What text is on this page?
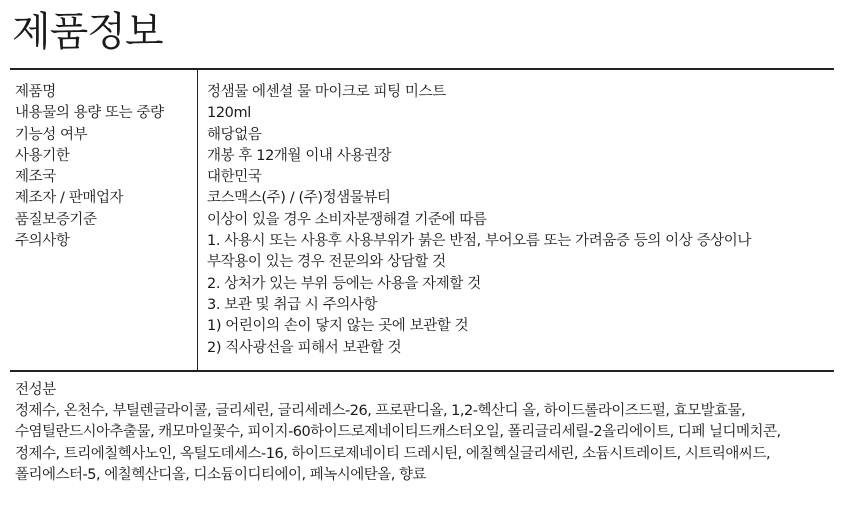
제품정보
제품명
내용물의 용량 또는 중량
기능성 여부
사용기한
제조국
제조자 / 판매업자
품질보증기준
주의사항
정샘물 에센셜 물 마이크로 피팅 미스트
120ml
해당없음
개봉 후 12개월 이내 사용권장
대한민국
코스맥스(주) / (주)정샘물뷰티
이상이 있을 경우 소비자분쟁해결 기준에 따름
1. 사용시 또는 사용후 사용부위가 붉은 반점, 부어오름 또는 가려움증 등의 이상 증상이나
부작용이 있는 경우 전문의와 상담할 것
2. 상처가 있는 부위 등에는 사용을 자제할 것
3. 보관 및 취급 시 주의사항
1) 어린이의 손이 닿지 않는 곳에 보관할 것
2) 직사광선을 피해서 보관할 것
전성분
정제수, 온천수, 부틸렌글라이콜, 글리세린, 글리세레스-26, 프로판디올, 1,2-헥산디 올, 하이드롤라이즈드펄, 효모발효물,
수염틸란드시아추출물, 캐모마일꽃수, 피이지-60하이드로제네이티드캐스터오일, 폴리글리세릴-2올리에이트, 디페 닐디메치콘,
정제수, 트리에칠헥사노인, 옥틸도데세스-16, 하이드로제네이티 드레시틴, 에칠헥실글리세린, 소듐시트레이트, 시트릭애씨드,
폴리에스터-5, 에칠헥산디올, 디소듐이디티에이, 페녹시에탄올, 향료
